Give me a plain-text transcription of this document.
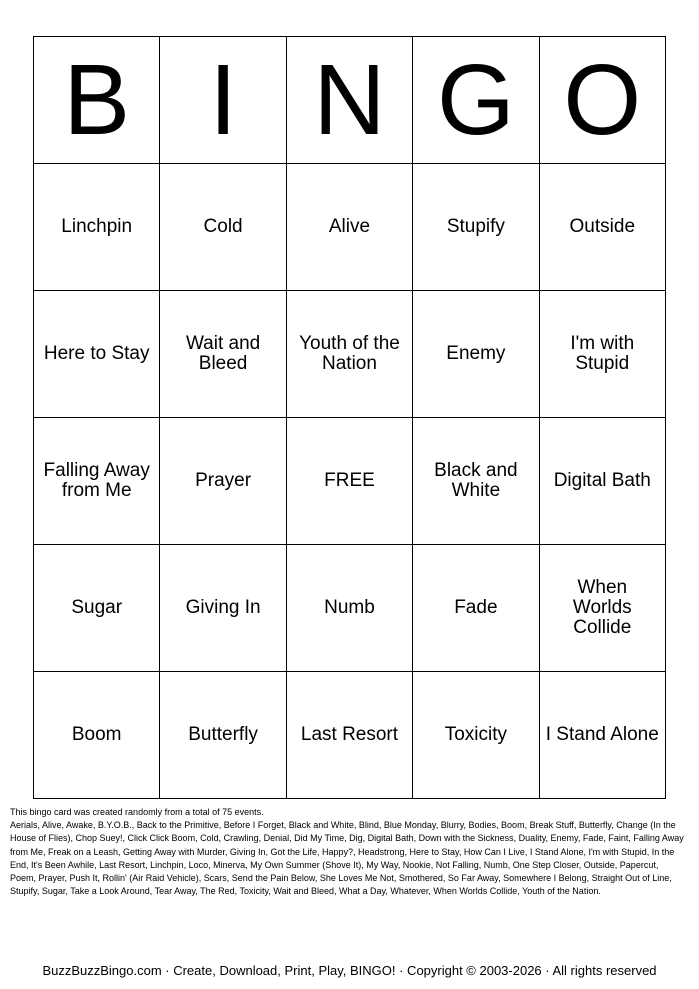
B	I	N	G	O
Linchpin	Cold	Alive	Stupify	Outside
Here to Stay	Wait and Bleed	Youth of the Nation	Enemy	I'm with Stupid
Falling Away from Me	Prayer	FREE	Black and White	Digital Bath
Sugar	Giving In	Numb	Fade	When Worlds Collide
Boom	Butterfly	Last Resort	Toxicity	I Stand Alone

This bingo card was created randomly from a total of 75 events.

Aerials, Alive, Awake, B.Y.O.B., Back to the Primitive, Before I Forget, Black and White, Blind, Blue Monday, Blurry, Bodies, Boom, Break Stuff, Butterfly, Change (In the House of Flies), Chop Suey!, Click Click Boom, Cold, Crawling, Denial, Did My Time, Dig, Digital Bath, Down with the Sickness, Duality, Enemy, Fade, Faint, Falling Away from Me, Freak on a Leash, Getting Away with Murder, Giving In, Got the Life, Happy?, Headstrong, Here to Stay, How Can I Live, I Stand Alone, I'm with Stupid, In the End, It's Been Awhile, Last Resort, Linchpin, Loco, Minerva, My Own Summer (Shove It), My Way, Nookie, Not Falling, Numb, One Step Closer, Outside, Papercut, Poem, Prayer, Push It, Rollin' (Air Raid Vehicle), Scars, Send the Pain Below, She Loves Me Not, Smothered, So Far Away, Somewhere I Belong, Straight Out of Line, Stupify, Sugar, Take a Look Around, Tear Away, The Red, Toxicity, Wait and Bleed, What a Day, Whatever, When Worlds Collide, Youth of the Nation.

BuzzBuzzBingo.com · Create, Download, Print, Play, BINGO! · Copyright © 2003-2026 · All rights reserved
